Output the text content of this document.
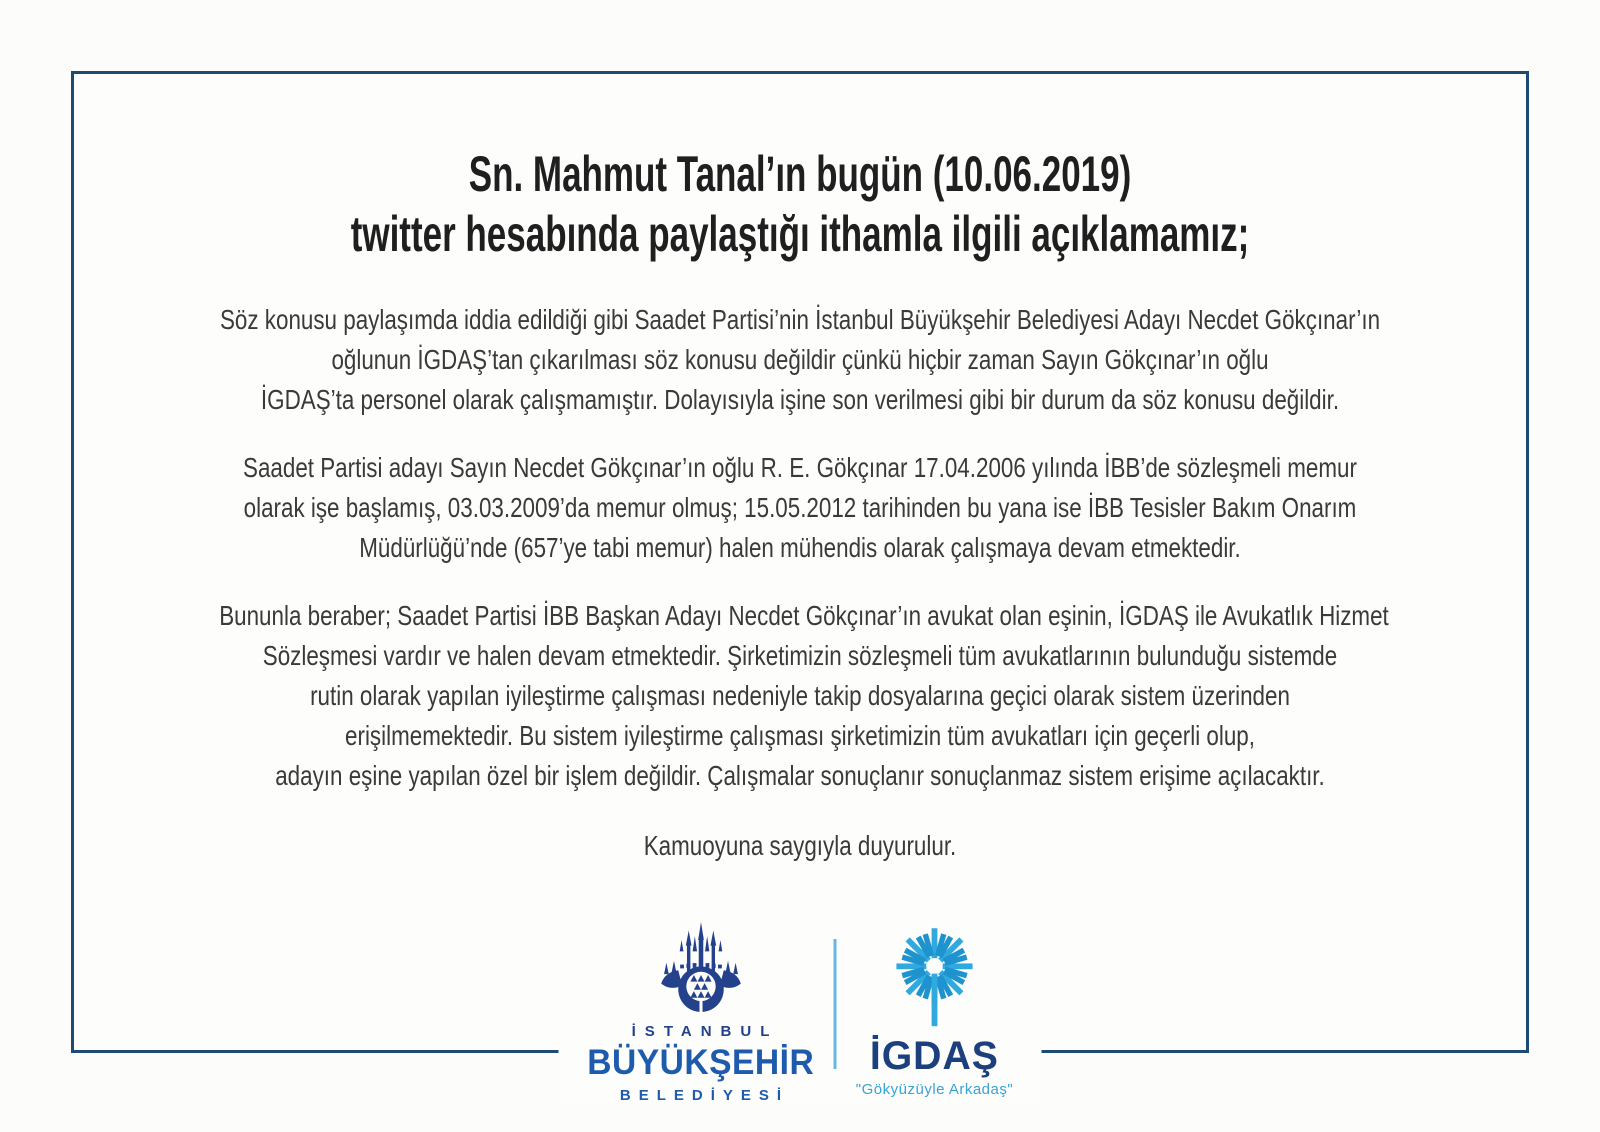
Sn. Mahmut Tanal’ın bugün (10.06.2019)
twitter hesabında paylaştığı ithamla ilgili açıklamamız;
Söz konusu paylaşımda iddia edildiği gibi Saadet Partisi’nin İstanbul Büyükşehir Belediyesi Adayı Necdet Gökçınar’ın
oğlunun İGDAŞ’tan çıkarılması söz konusu değildir çünkü hiçbir zaman Sayın Gökçınar’ın oğlu
İGDAŞ’ta personel olarak çalışmamıştır. Dolayısıyla işine son verilmesi gibi bir durum da söz konusu değildir.
Saadet Partisi adayı Sayın Necdet Gökçınar’ın oğlu R. E. Gökçınar 17.04.2006 yılında İBB’de sözleşmeli memur
olarak işe başlamış, 03.03.2009’da memur olmuş; 15.05.2012 tarihinden bu yana ise İBB Tesisler Bakım Onarım
Müdürlüğü’nde (657’ye tabi memur) halen mühendis olarak çalışmaya devam etmektedir.
Bununla beraber; Saadet Partisi İBB Başkan Adayı Necdet Gökçınar’ın avukat olan eşinin, İGDAŞ ile Avukatlık Hizmet
Sözleşmesi vardır ve halen devam etmektedir. Şirketimizin sözleşmeli tüm avukatlarının bulunduğu sistemde
rutin olarak yapılan iyileştirme çalışması nedeniyle takip dosyalarına geçici olarak sistem üzerinden
erişilmemektedir. Bu sistem iyileştirme çalışması şirketimizin tüm avukatları için geçerli olup,
adayın eşine yapılan özel bir işlem değildir. Çalışmalar sonuçlanır sonuçlanmaz sistem erişime açılacaktır.
Kamuoyuna saygıyla duyurulur.
İSTANBUL
BÜYÜKŞEHİR
BELEDİYESİ
İGDAŞ
"Gökyüzüyle Arkadaş"
